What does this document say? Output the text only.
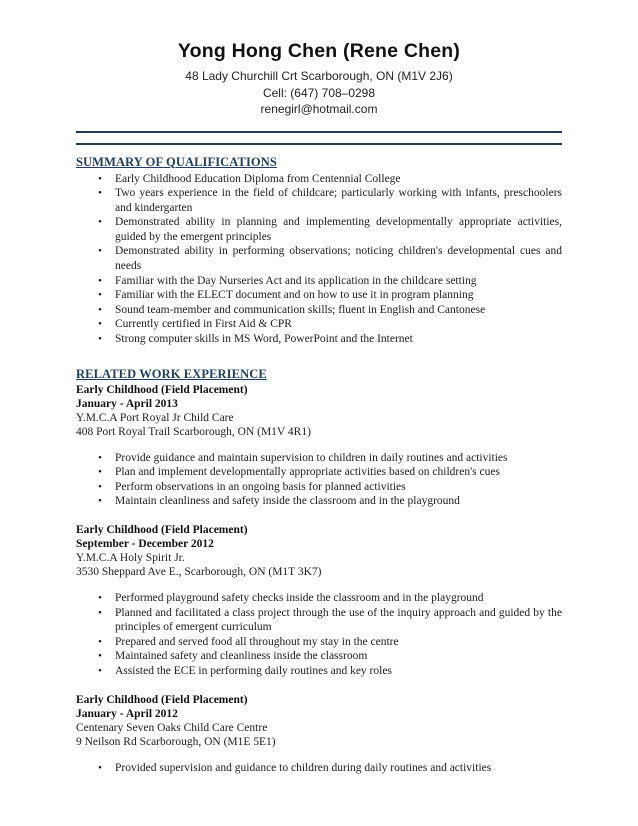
Yong Hong Chen (Rene Chen)
48 Lady Churchill Crt Scarborough, ON (M1V 2J6)
Cell: (647) 708–0298
renegirl@hotmail.com
SUMMARY OF QUALIFICATIONS
• Early Childhood Education Diploma from Centennial College
• Two years experience in the field of childcare; particularly working with infants, preschoolers and kindergarten
• Demonstrated ability in planning and implementing developmentally appropriate activities, guided by the emergent principles
• Demonstrated ability in performing observations; noticing children's developmental cues and needs
• Familiar with the Day Nurseries Act and its application in the childcare setting
• Familiar with the ELECT document and on how to use it in program planning
• Sound team-member and communication skills; fluent in English and Cantonese
• Currently certified in First Aid & CPR
• Strong computer skills in MS Word, PowerPoint and the Internet
RELATED WORK EXPERIENCE
Early Childhood (Field Placement)
January - April 2013
Y.M.C.A Port Royal Jr Child Care
408 Port Royal Trail Scarborough, ON (M1V 4R1)
• Provide guidance and maintain supervision to children in daily routines and activities
• Plan and implement developmentally appropriate activities based on children's cues
• Perform observations in an ongoing basis for planned activities
• Maintain cleanliness and safety inside the classroom and in the playground
Early Childhood (Field Placement)
September - December 2012
Y.M.C.A Holy Spirit Jr.
3530 Sheppard Ave E., Scarborough, ON (M1T 3K7)
• Performed playground safety checks inside the classroom and in the playground
• Planned and facilitated a class project through the use of the inquiry approach and guided by the principles of emergent curriculum
• Prepared and served food all throughout my stay in the centre
• Maintained safety and cleanliness inside the classroom
• Assisted the ECE in performing daily routines and key roles
Early Childhood (Field Placement)
January - April 2012
Centenary Seven Oaks Child Care Centre
9 Neilson Rd Scarborough, ON (M1E 5E1)
• Provided supervision and guidance to children during daily routines and activities
